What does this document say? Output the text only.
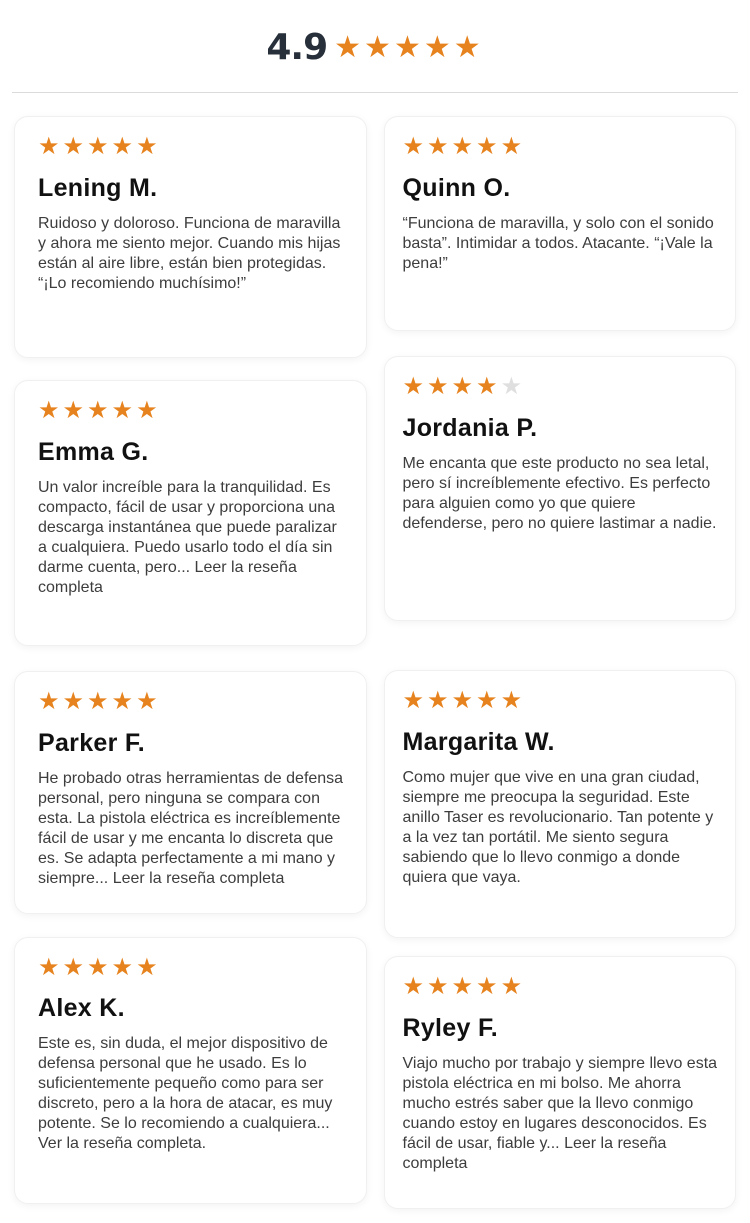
4.9 ★ ★ ★ ★ ★
★ ★ ★ ★ ★
Lening M.

Ruidoso y doloroso. Funciona de maravilla y ahora me siento mejor. Cuando mis hijas están al aire libre, están bien protegidas. “¡Lo recomiendo muchísimo!”

★ ★ ★ ★ ★
Emma G.

Un valor increíble para la tranquilidad. Es compacto, fácil de usar y proporciona una descarga instantánea que puede paralizar a cualquiera. Puedo usarlo todo el día sin darme cuenta, pero... Leer la reseña completa

★ ★ ★ ★ ★
Parker F.

He probado otras herramientas de defensa personal, pero ninguna se compara con esta. La pistola eléctrica es increíblemente fácil de usar y me encanta lo discreta que es. Se adapta perfectamente a mi mano y siempre... Leer la reseña completa

★ ★ ★ ★ ★
Alex K.

Este es, sin duda, el mejor dispositivo de defensa personal que he usado. Es lo suficientemente pequeño como para ser discreto, pero a la hora de atacar, es muy potente. Se lo recomiendo a cualquiera... Ver la reseña completa.

★ ★ ★ ★ ★
Quinn O.

“Funciona de maravilla, y solo con el sonido basta”. Intimidar a todos. Atacante. “¡Vale la pena!”

★ ★ ★ ★ ★
Jordania P.

Me encanta que este producto no sea letal, pero sí increíblemente efectivo. Es perfecto para alguien como yo que quiere defenderse, pero no quiere lastimar a nadie.

★ ★ ★ ★ ★
Margarita W.

Como mujer que vive en una gran ciudad, siempre me preocupa la seguridad. Este anillo Taser es revolucionario. Tan potente y a la vez tan portátil. Me siento segura sabiendo que lo llevo conmigo a donde quiera que vaya.

★ ★ ★ ★ ★
Ryley F.

Viajo mucho por trabajo y siempre llevo esta pistola eléctrica en mi bolso. Me ahorra mucho estrés saber que la llevo conmigo cuando estoy en lugares desconocidos. Es fácil de usar, fiable y... Leer la reseña completa
